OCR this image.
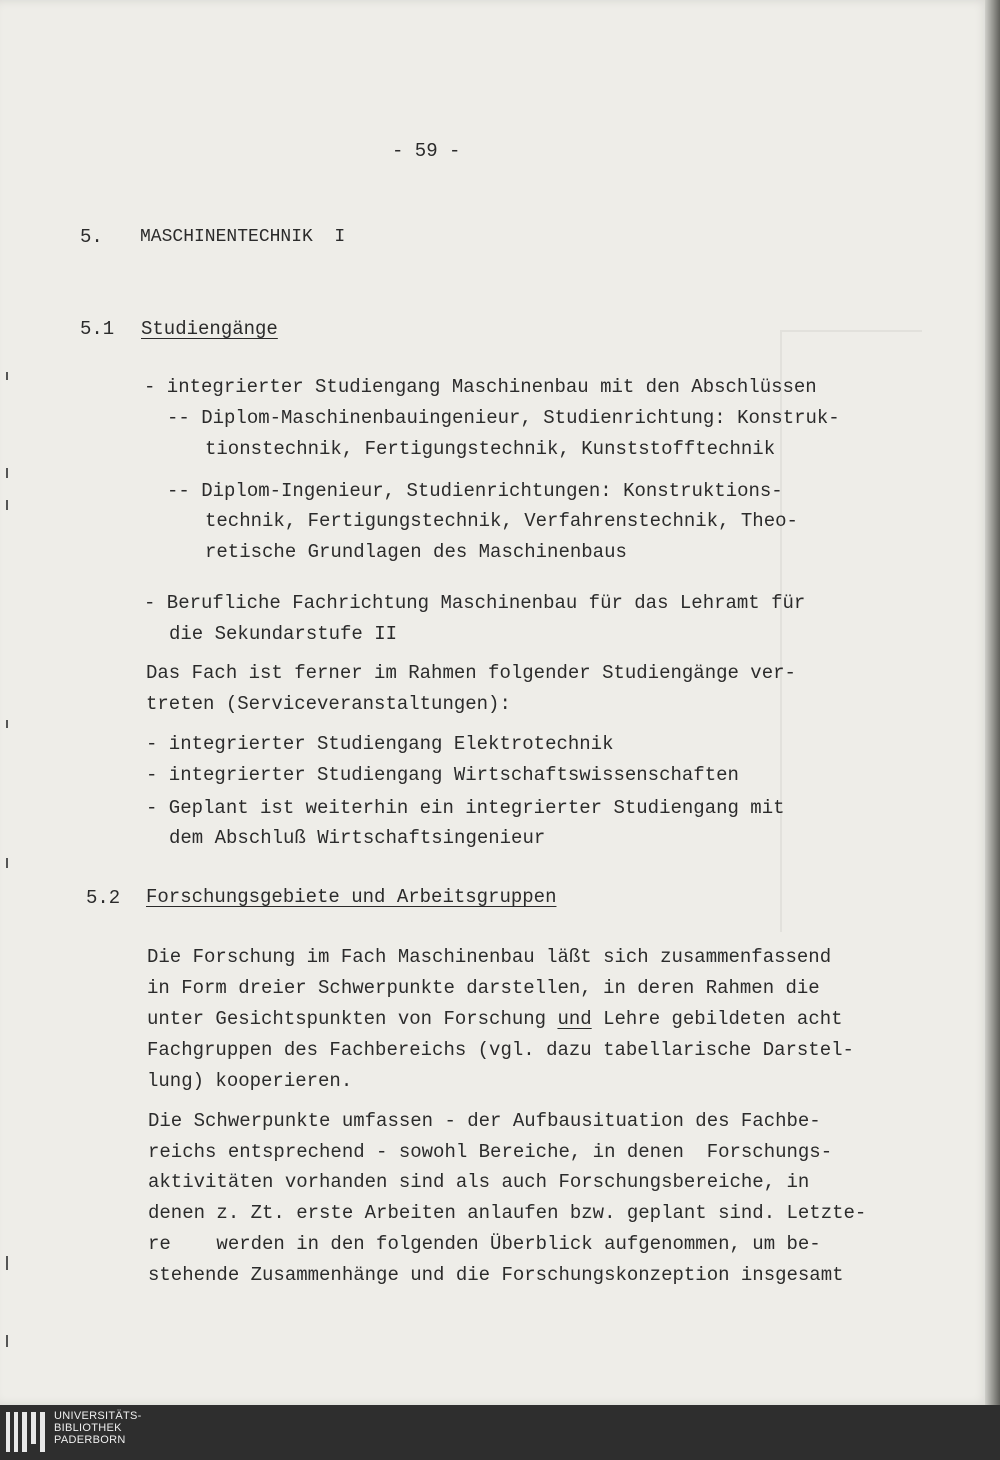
- 59 -
5. MASCHINENTECHNIK  I
5.1 Studiengänge
- integrierter Studiengang Maschinenbau mit den Abschlüssen
-- Diplom-Maschinenbauingenieur, Studienrichtung: Konstruk-
tionstechnik, Fertigungstechnik, Kunststofftechnik
-- Diplom-Ingenieur, Studienrichtungen: Konstruktions-
technik, Fertigungstechnik, Verfahrenstechnik, Theo-
retische Grundlagen des Maschinenbaus
- Berufliche Fachrichtung Maschinenbau für das Lehramt für
die Sekundarstufe II
Das Fach ist ferner im Rahmen folgender Studiengänge ver-
treten (Serviceveranstaltungen):
- integrierter Studiengang Elektrotechnik
- integrierter Studiengang Wirtschaftswissenschaften
- Geplant ist weiterhin ein integrierter Studiengang mit
dem Abschluß Wirtschaftsingenieur
5.2 Forschungsgebiete und Arbeitsgruppen
Die Forschung im Fach Maschinenbau läßt sich zusammenfassend
in Form dreier Schwerpunkte darstellen, in deren Rahmen die
unter Gesichtspunkten von Forschung und Lehre gebildeten acht
Fachgruppen des Fachbereichs (vgl. dazu tabellarische Darstel-
lung) kooperieren.
Die Schwerpunkte umfassen - der Aufbausituation des Fachbe-
reichs entsprechend - sowohl Bereiche, in denen  Forschungs-
aktivitäten vorhanden sind als auch Forschungsbereiche, in
denen z. Zt. erste Arbeiten anlaufen bzw. geplant sind. Letzte-
re    werden in den folgenden Überblick aufgenommen, um be-
stehende Zusammenhänge und die Forschungskonzeption insgesamt
UNIVERSITÄTS-
BIBLIOTHEK
PADERBORN
